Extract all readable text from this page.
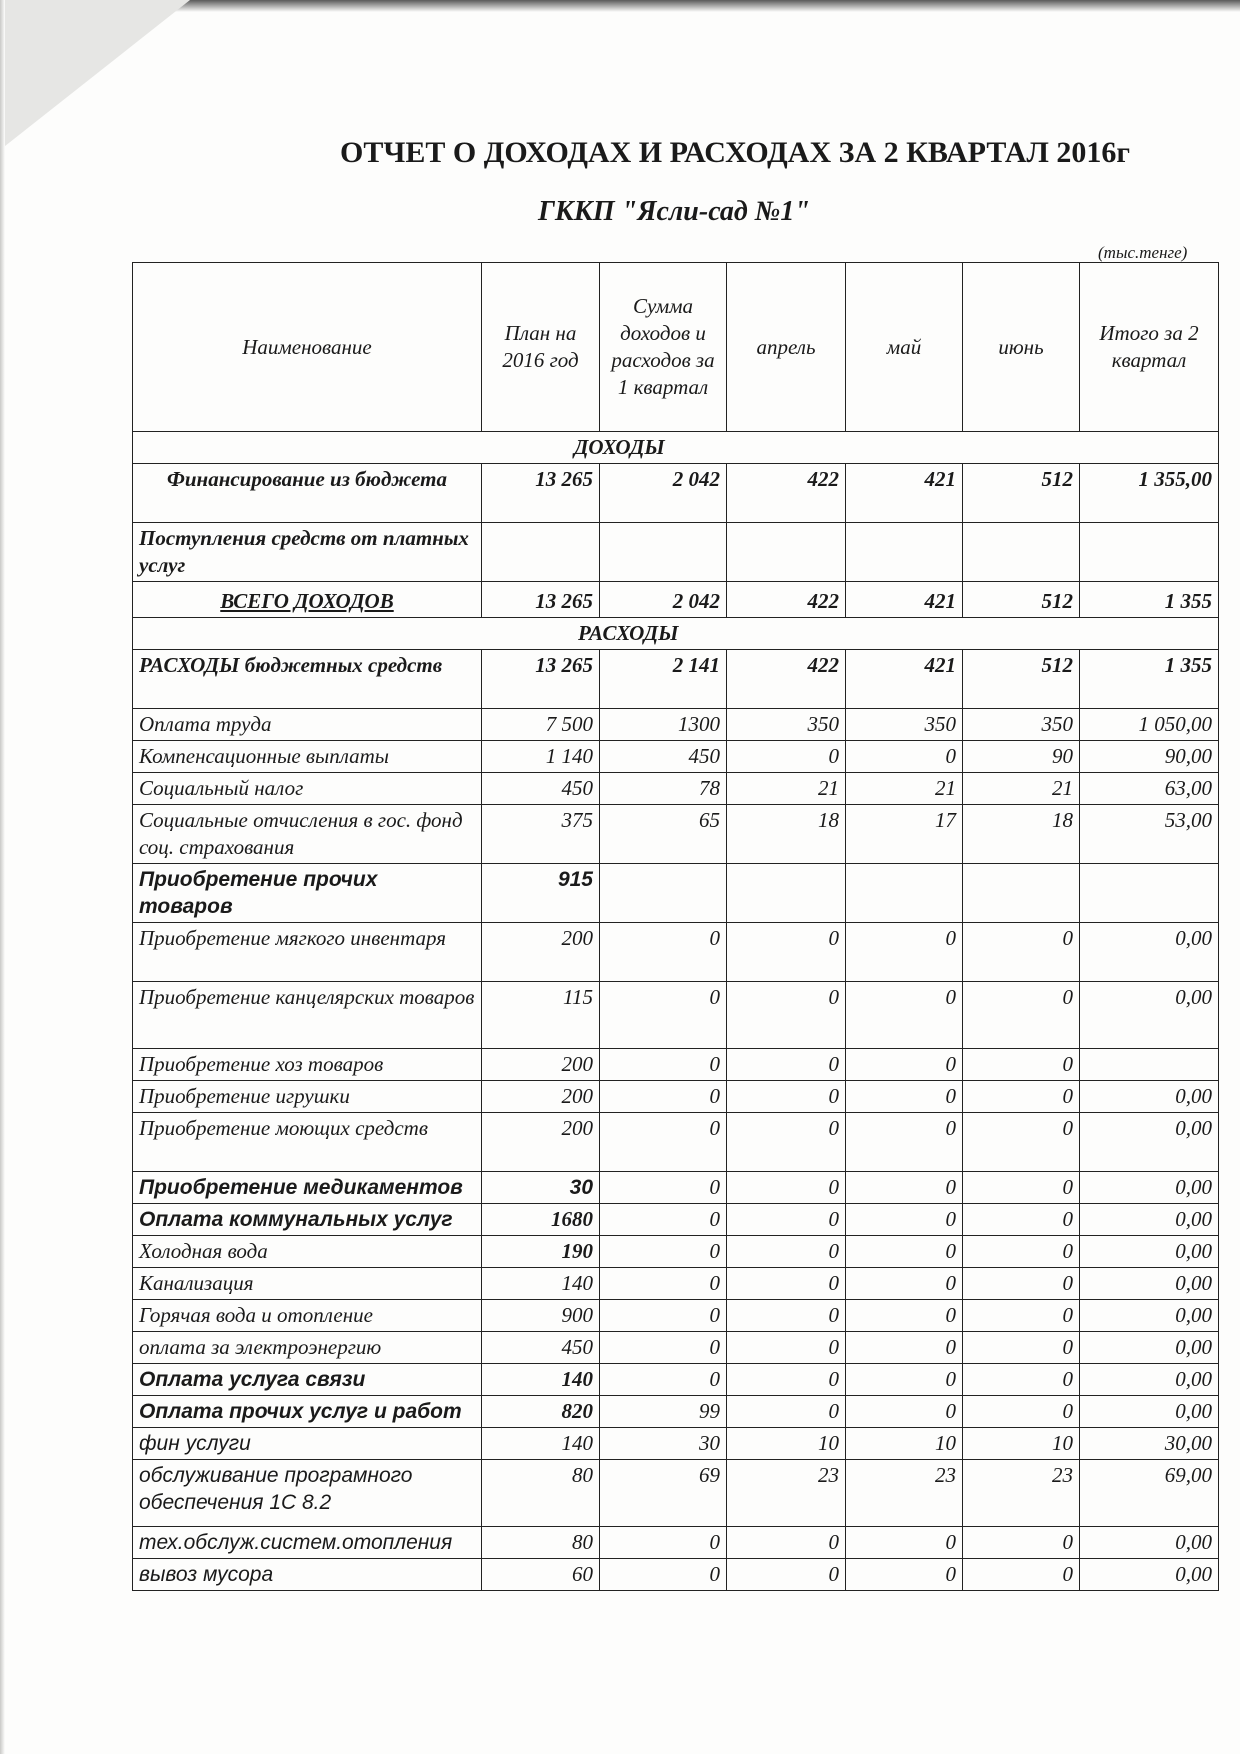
ОТЧЕТ О ДОХОДАХ И РАСХОДАХ ЗА 2 КВАРТАЛ 2016г
ГККП "Ясли-сад №1"
(тыс.тенге)
Наименование	План на 2016 год	Сумма доходов и расходов за 1 квартал	апрель	май	июнь	Итого за 2 квартал
	ДОХОДЫ					
Финансирование из бюджета	13 265	2 042	422	421	512	1 355,00
Поступления средств от платных услуг						
ВСЕГО ДОХОДОВ	13 265	2 042	422	421	512	1 355
	РАСХОДЫ					
РАСХОДЫ бюджетных средств	13 265	2 141	422	421	512	1 355
Оплата труда	7 500	1300	350	350	350	1 050,00
Компенсационные выплаты	1 140	450	0	0	90	90,00
Социальный налог	450	78	21	21	21	63,00
Социальные отчисления в гос. фонд соц. страхования	375	65	18	17	18	53,00
Приобретение прочих товаров	915					
Приобретение мягкого инвентаря	200	0	0	0	0	0,00
Приобретение канцелярских товаров	115	0	0	0	0	0,00
Приобретение хоз товаров	200	0	0	0	0	
Приобретение игрушки	200	0	0	0	0	0,00
Приобретение моющих средств	200	0	0	0	0	0,00
Приобретение медикаментов	30	0	0	0	0	0,00
Оплата коммунальных услуг	1680	0	0	0	0	0,00
Холодная вода	190	0	0	0	0	0,00
Канализация	140	0	0	0	0	0,00
Горячая вода и отопление	900	0	0	0	0	0,00
оплата за электроэнергию	450	0	0	0	0	0,00
Оплата услуга связи	140	0	0	0	0	0,00
Оплата прочих услуг и работ	820	99	0	0	0	0,00
фин услуги	140	30	10	10	10	30,00
обслуживание програмного обеспечения 1С 8.2	80	69	23	23	23	69,00
тех.обслуж.систем.отопления	80	0	0	0	0	0,00
вывоз мусора	60	0	0	0	0	0,00
